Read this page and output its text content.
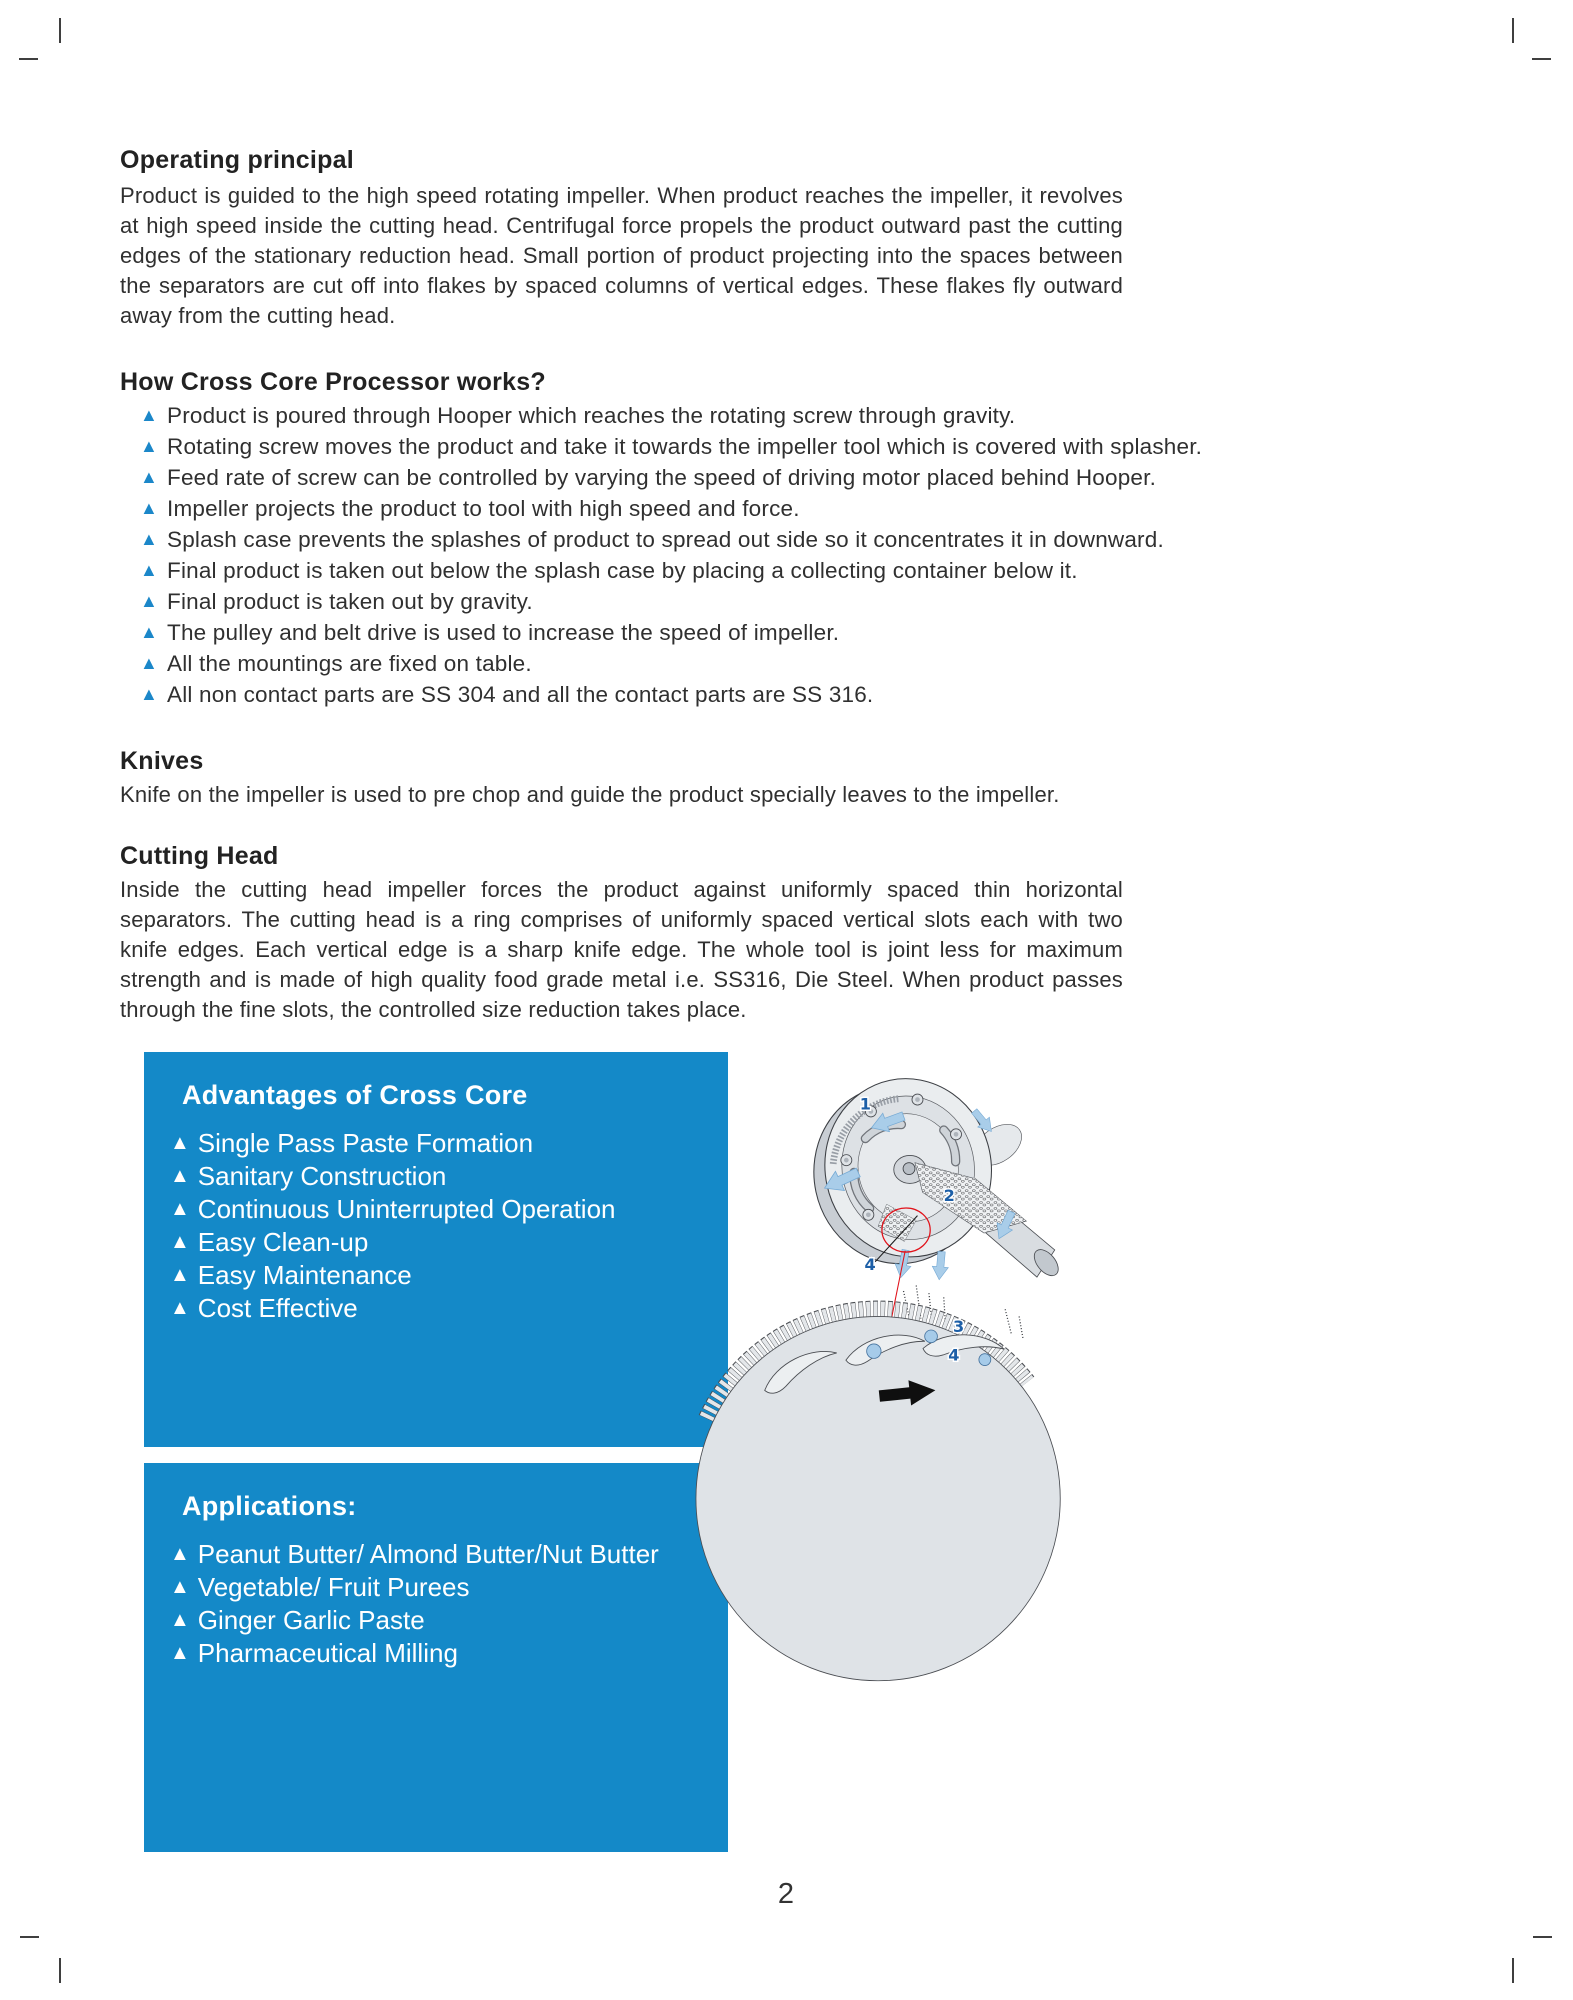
Operating principal

Product is guided to the high speed rotating impeller. When product reaches the impeller, it revolves at high speed inside the cutting head. Centrifugal force propels the product outward past the cutting edges of the stationary reduction head. Small portion of product projecting into the spaces between the separators are cut off into flakes by spaced columns of vertical edges. These flakes fly outward away from the cutting head.

How Cross Core Processor works?
▲ Product is poured through Hooper which reaches the rotating screw through gravity.
▲ Rotating screw moves the product and take it towards the impeller tool which is covered with splasher.
▲ Feed rate of screw can be controlled by varying the speed of driving motor placed behind Hooper.
▲ Impeller projects the product to tool with high speed and force.
▲ Splash case prevents the splashes of product to spread out side so it concentrates it in downward.
▲ Final product is taken out below the splash case by placing a collecting container below it.
▲ Final product is taken out by gravity.
▲ The pulley and belt drive is used to increase the speed of impeller.
▲ All the mountings are fixed on table.
▲ All non contact parts are SS 304 and all the contact parts are SS 316.
Knives

Knife on the impeller is used to pre chop and guide the product specially leaves to the impeller.

Cutting Head

Inside the cutting head impeller forces the product against uniformly spaced thin horizontal separators. The cutting head is a ring comprises of uniformly spaced vertical slots each with two knife edges. Each vertical edge is a sharp knife edge. The whole tool is joint less for maximum strength and is made of high quality food grade metal i.e. SS316, Die Steel. When product passes through the fine slots, the controlled size reduction takes place.

Advantages of Cross Core
▲ Single Pass Paste Formation
▲ Sanitary Construction
▲ Continuous Uninterrupted Operation
▲ Easy Clean-up
▲ Easy Maintenance
▲ Cost Effective
Applications:
▲ Peanut Butter/ Almond Butter/Nut Butter
▲ Vegetable/ Fruit Purees
▲ Ginger Garlic Paste
▲ Pharmaceutical Milling
1
2
4
3
4
2
